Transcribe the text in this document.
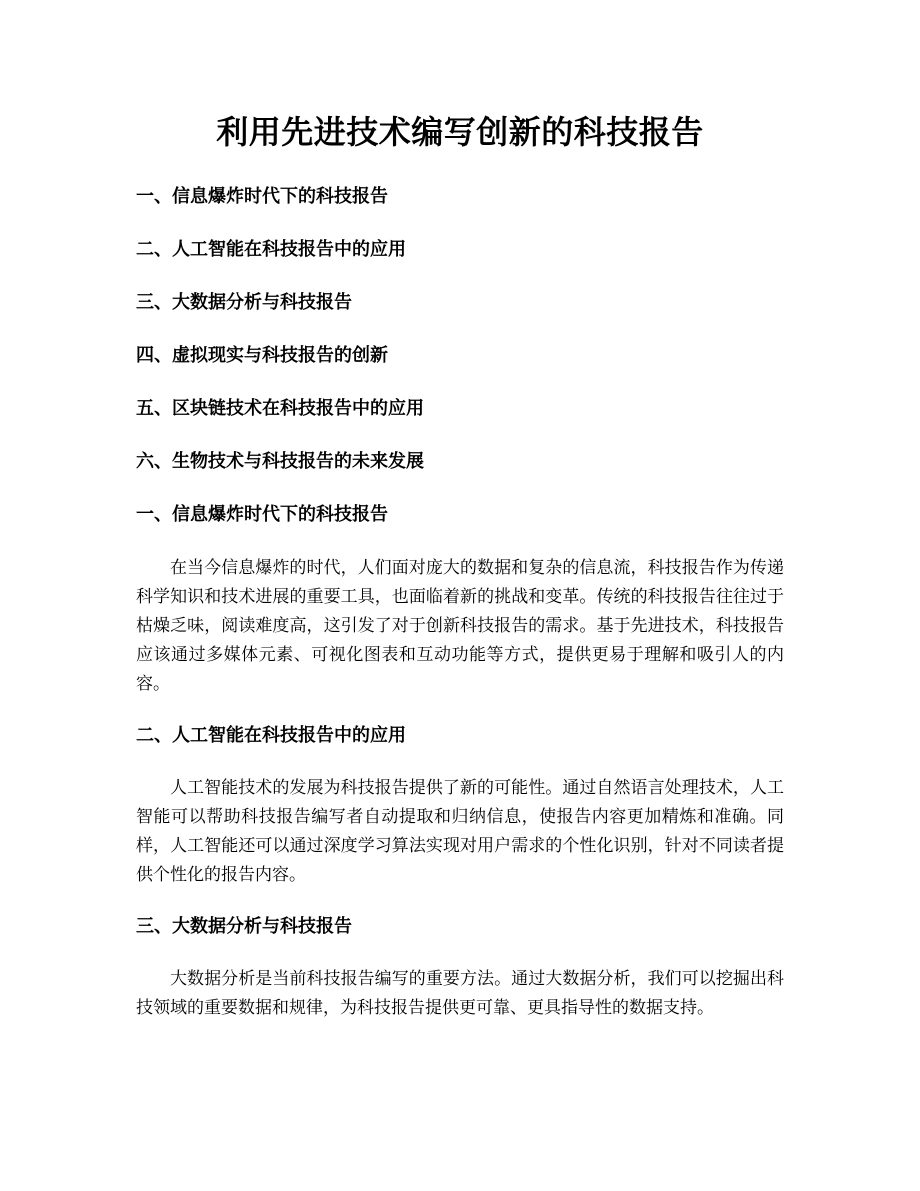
利用先进技术编写创新的科技报告
一、信息爆炸时代下的科技报告
二、人工智能在科技报告中的应用
三、大数据分析与科技报告
四、虚拟现实与科技报告的创新
五、区块链技术在科技报告中的应用
六、生物技术与科技报告的未来发展
一、信息爆炸时代下的科技报告

在当今信息爆炸的时代，人们面对庞大的数据和复杂的信息流，科技报告作为传递科学知识和技术进展的重要工具，也面临着新的挑战和变革。传统的科技报告往往过于枯燥乏味，阅读难度高，这引发了对于创新科技报告的需求。基于先进技术，科技报告应该通过多媒体元素、可视化图表和互动功能等方式，提供更易于理解和吸引人的内容。

二、人工智能在科技报告中的应用

人工智能技术的发展为科技报告提供了新的可能性。通过自然语言处理技术，人工智能可以帮助科技报告编写者自动提取和归纳信息，使报告内容更加精炼和准确。同样，人工智能还可以通过深度学习算法实现对用户需求的个性化识别，针对不同读者提供个性化的报告内容。

三、大数据分析与科技报告

大数据分析是当前科技报告编写的重要方法。通过大数据分析，我们可以挖掘出科技领域的重要数据和规律，为科技报告提供更可靠、更具指导性的数据支持。
